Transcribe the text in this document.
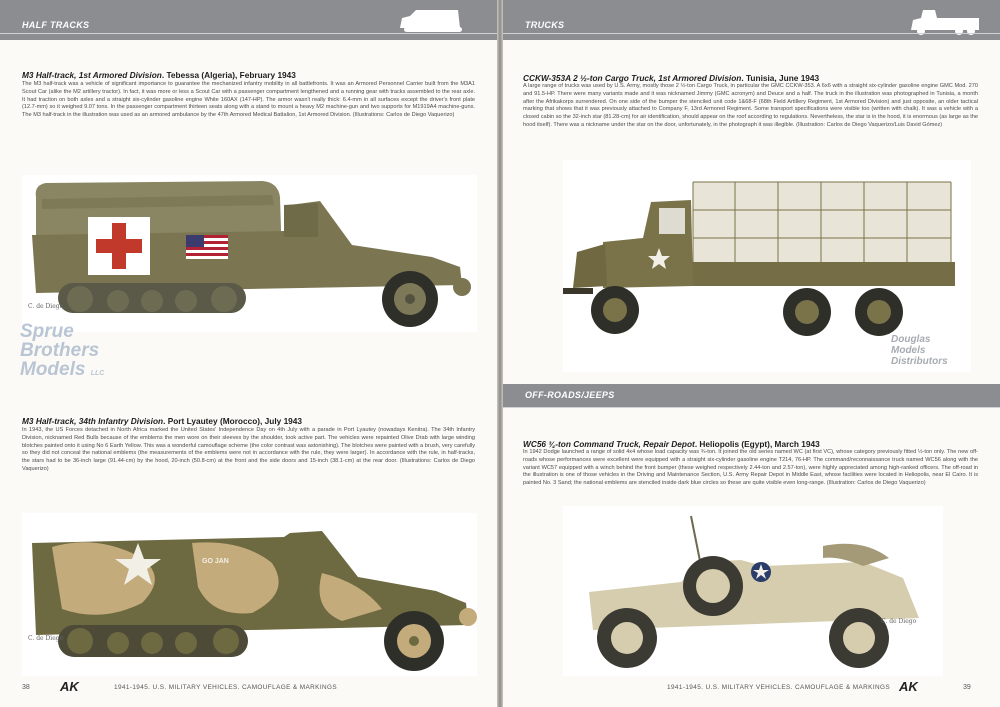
HALF TRACKS
M3 Half-track, 1st Armored Division. Tebessa (Algeria), February 1943

The M3 half-track was a vehicle of significant importance to guarantee the mechanized infantry mobility in all battlefronts. It was an Armored Personnel Carrier built from the M3A1 Scout Car (alike the M2 artillery tractor). In fact, it was more or less a Scout Car with a passenger compartment lengthened and a running gear with tracks assembled to the rear axle. It had traction on both axles and a straight six-cylinder gasoline engine White 160AX (147-HP). The armor wasn't really thick: 6.4-mm in all surfaces except the driver's front plate (12.7-mm) so it weighed 9.07 tons. In the passenger compartment thirteen seats along with a stand to mount a heavy M2 machine-gun and two supports for M1919A4 machine-guns. The M3 half-track in the illustration was used as an armored ambulance by the 47th Armored Medical Battalion, 1st Armored Division. (Illustrations: Carlos de Diego Vaquerizo)

C. de Diego
M3 Half-track, 34th Infantry Division. Port Lyautey (Morocco), July 1943

In 1943, the US Forces detached in North Africa marked the United States' Independence Day on 4th July with a parade in Port Lyautey (nowadays Kenitra). The 34th Infantry Division, nicknamed Red Bulls because of the emblems the men wore on their sleeves by the shoulder, took active part. The vehicles were repainted Olive Drab with large winding blotches painted onto it using No 6 Earth Yellow. This was a wonderful camouflage scheme (the color contrast was astonishing). The blotches were painted with a brush, very carefully so they did not conceal the national emblems (the measurements of the emblems were not in accordance with the rule, they were larger). In accordance with the rule, in half-tracks, the stars had to be 36-inch large (91.44-cm) by the hood, 20-inch (50.8-cm) at the front and the side doors and 15-inch (38.1-cm) at the rear door. (Illustrations: Carlos de Diego Vaquerizo)

GO JAN
C. de Diego
38 AK	1941-1945. U.S. MILITARY VEHICLES. CAMOUFLAGE & MARKINGS
Sprue
Brothers
Models LLC
TRUCKS
CCKW-353A 2 ½-ton Cargo Truck, 1st Armored Division. Tunisia, June 1943

A large range of trucks was used by U.S. Army, mostly those 2 ½-ton Cargo Truck, in particular the GMC CCKW-353. A 6x6 with a straight six-cylinder gasoline engine GMC Mod. 270 and 91.5-HP. There were many variants made and it was nicknamed Jimmy (GMC acronym) and Deuce and a half. The truck in the illustration was photographed in Tunisia, a month after the Afrikakorps surrendered. On one side of the bumper the stenciled unit code 1&68-F (68th Field Artillery Regiment, 1st Armored Division) and just opposite, an older tactical marking that shows that it was previously attached to Company F, 13rd Armored Regiment. Some transport specifications were visible too (written with chalk). It was a vehicle with a closed cabin so the 32-inch star (81.28-cm) for air identification, should appear on the roof according to regulations. Nevertheless, the star is in the hood, it is enormous (as large as the hood itself). There was a nickname under the star on the door, unfortunately, in the photograph it was illegible. (Illustration: Carlos de Diego Vaquerizo/Luis David Gómez)

OFF-ROADS/JEEPS
WC56 ¾-ton Command Truck, Repair Depot. Heliopolis (Egypt), March 1943

In 1942 Dodge launched a range of solid 4x4 whose load capacity was ¾-ton. It joined the old series named WC (at first VC), whose category previously fitted ½-ton only. The new off-roads whose performances were excellent were equipped with a straight six-cylinder gasoline engine T214, 76-HP. The command/reconnaissance truck named WC56 along with the variant WC57 equipped with a winch behind the front bumper (these weighed respectively 2.44-ton and 2.57-ton), were highly appreciated among high-ranked officers. The off-road in the illustration is one of those vehicles in the Driving and Maintenance Section, U.S. Army Repair Depot in Middle East, whose facilities were located in Heliopolis, near El Cairo. It is painted No. 3 Sand; the national emblems are stenciled inside dark blue circles so these are quite visible even long-range. (Illustration: Carlos de Diego Vaquerizo)

C. de Diego
1941-1945. U.S. MILITARY VEHICLES. CAMOUFLAGE & MARKINGS AK	39
Douglas
Models
Distributors
